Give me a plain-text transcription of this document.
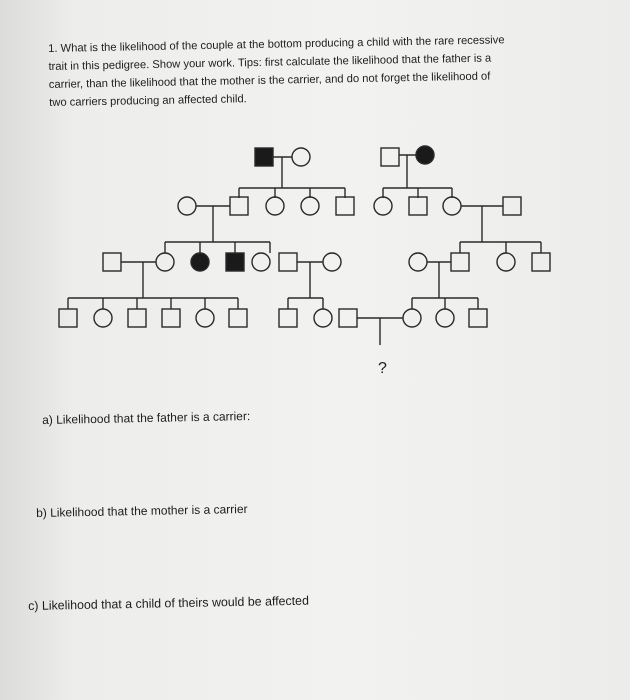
1. What is the likelihood of the couple at the bottom producing a child with the rare recessive

trait in this pedigree. Show your work. Tips: first calculate the likelihood that the father is a

carrier, than the likelihood that the mother is the carrier, and do not forget the likelihood of

two carriers producing an affected child.

?
a) Likelihood that the father is a carrier:
b) Likelihood that the mother is a carrier
c) Likelihood that a child of theirs would be affected
